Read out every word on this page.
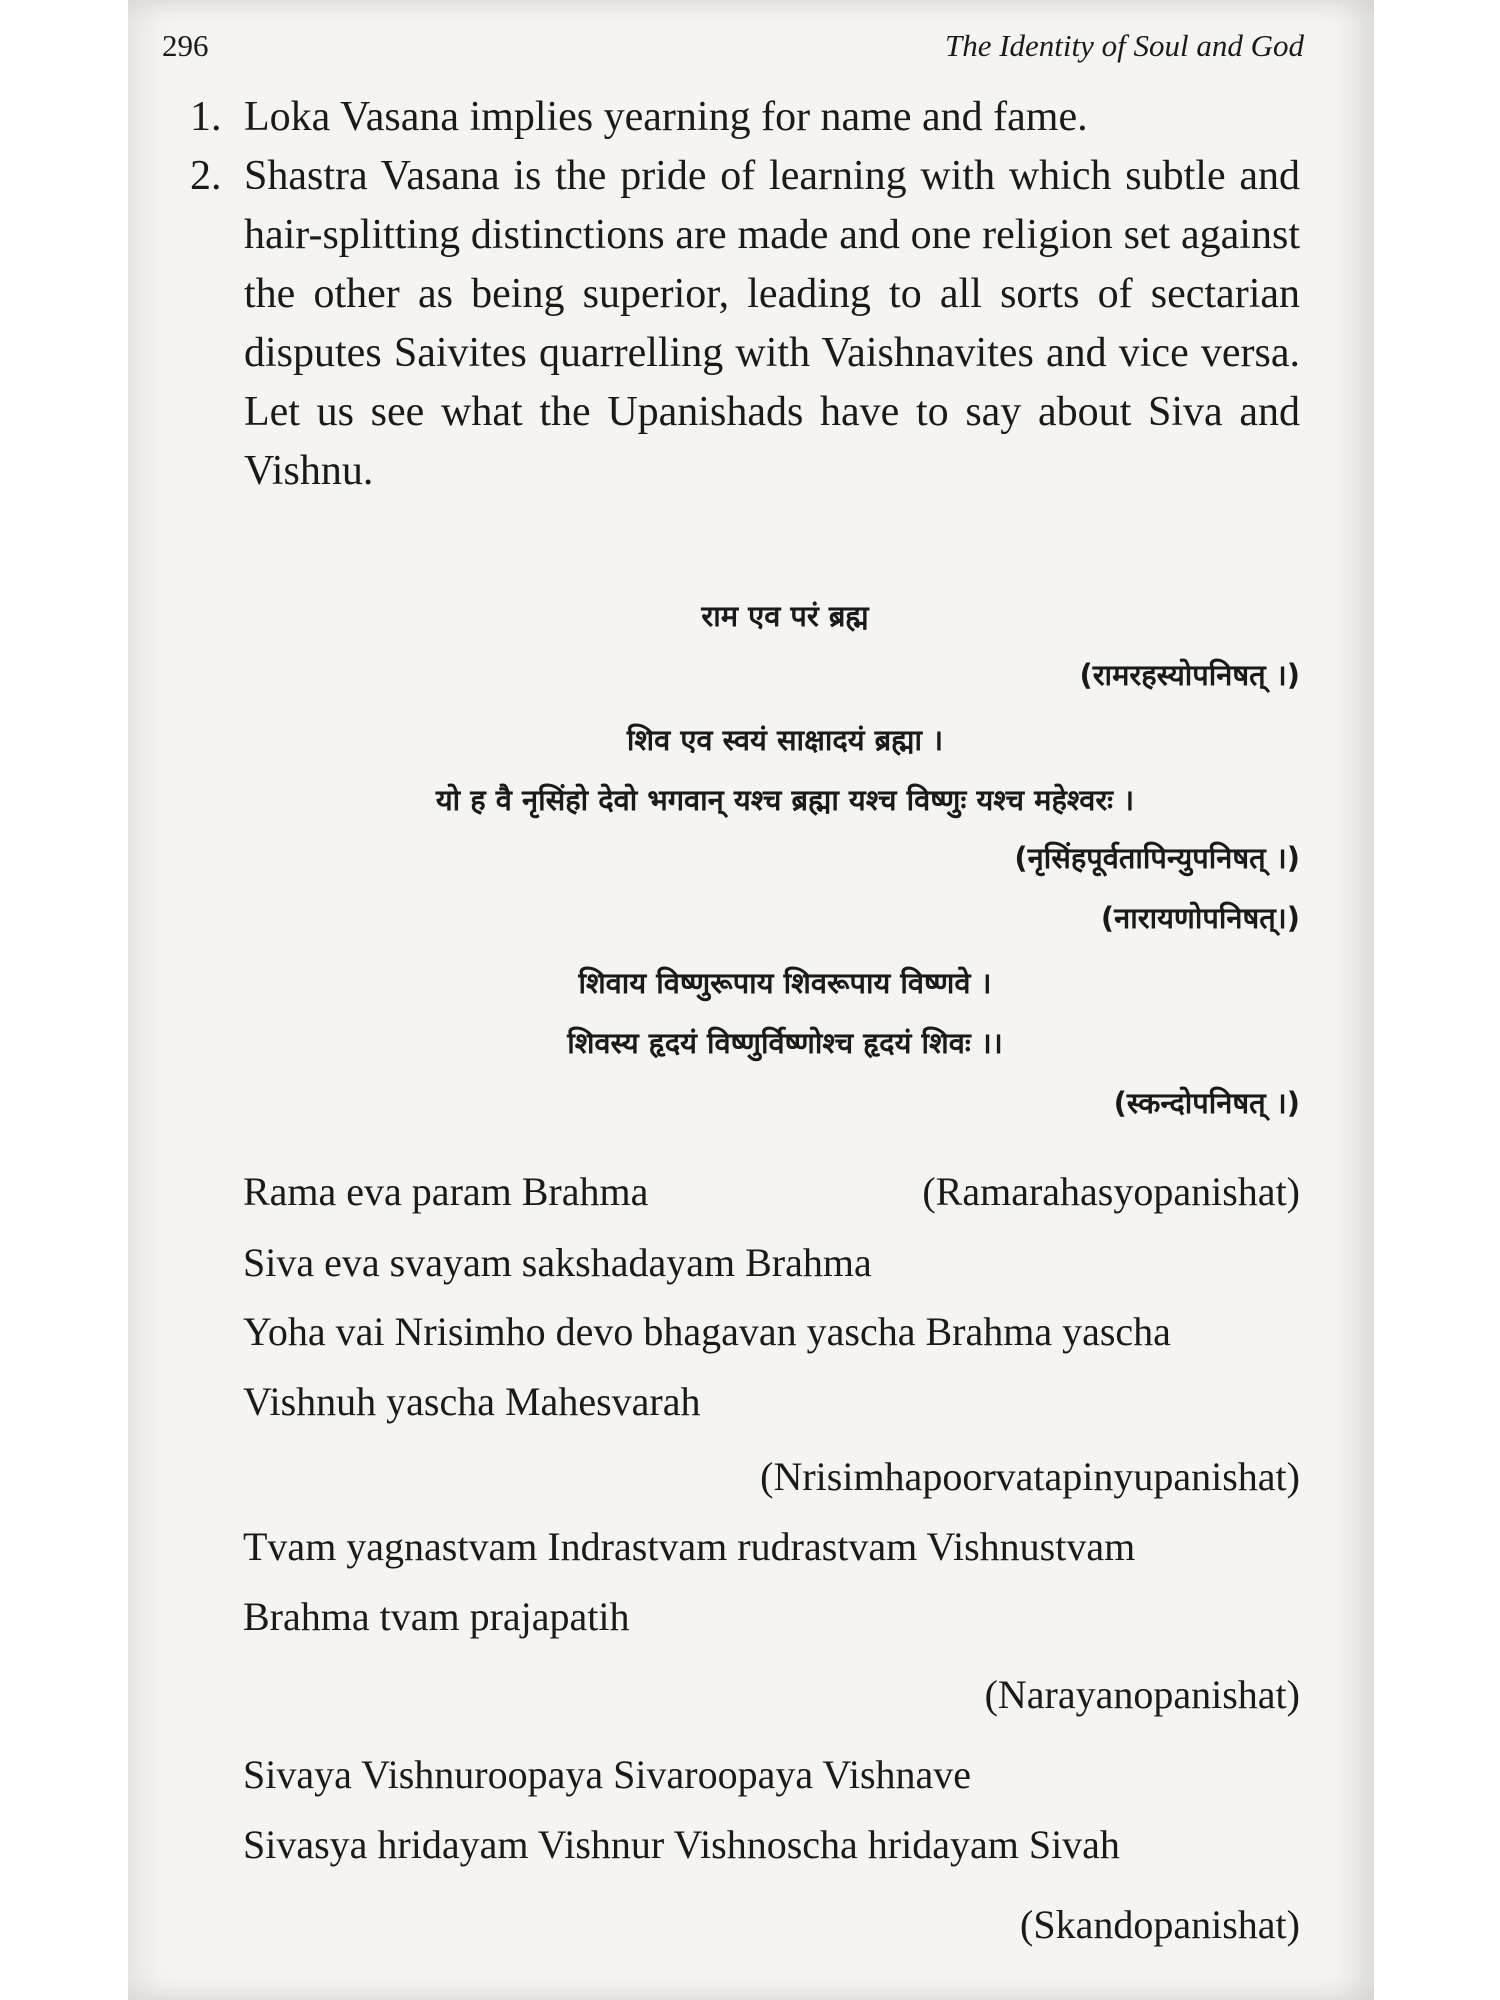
296	The Identity of Soul and God
1. Loka Vasana implies yearning for name and fame.
2. Shastra Vasana is the pride of learning with which subtle and hair-splitting distinctions are made and one religion set against the other as being superior, leading to all sorts of sectarian disputes Saivites quarrelling with Vaishnavites and vice versa. Let us see what the Upanishads have to say about Siva and Vishnu.
राम एव परं ब्रह्म
(रामरहस्योपनिषत् ।)
शिव एव स्वयं साक्षादयं ब्रह्मा ।
यो ह वै नृसिंहो देवो भगवान् यश्च ब्रह्मा यश्च विष्णुः यश्च महेश्वरः ।
(नृसिंहपूर्वतापिन्युपनिषत् ।)
(नारायणोपनिषत्।)
शिवाय विष्णुरूपाय शिवरूपाय विष्णवे ।
शिवस्य हृदयं विष्णुर्विष्णोश्च हृदयं शिवः ।।
(स्कन्दोपनिषत् ।)
Rama eva param Brahma	(Ramarahasyopanishat)
Siva eva svayam sakshadayam Brahma
Yoha vai Nrisimho devo bhagavan yascha Brahma yascha
Vishnuh yascha Mahesvarah
(Nrisimhapoorvatapinyupanishat)
Tvam yagnastvam Indrastvam rudrastvam Vishnustvam
Brahma tvam prajapatih
(Narayanopanishat)
Sivaya Vishnuroopaya Sivaroopaya Vishnave
Sivasya hridayam Vishnur Vishnoscha hridayam Sivah
(Skandopanishat)
